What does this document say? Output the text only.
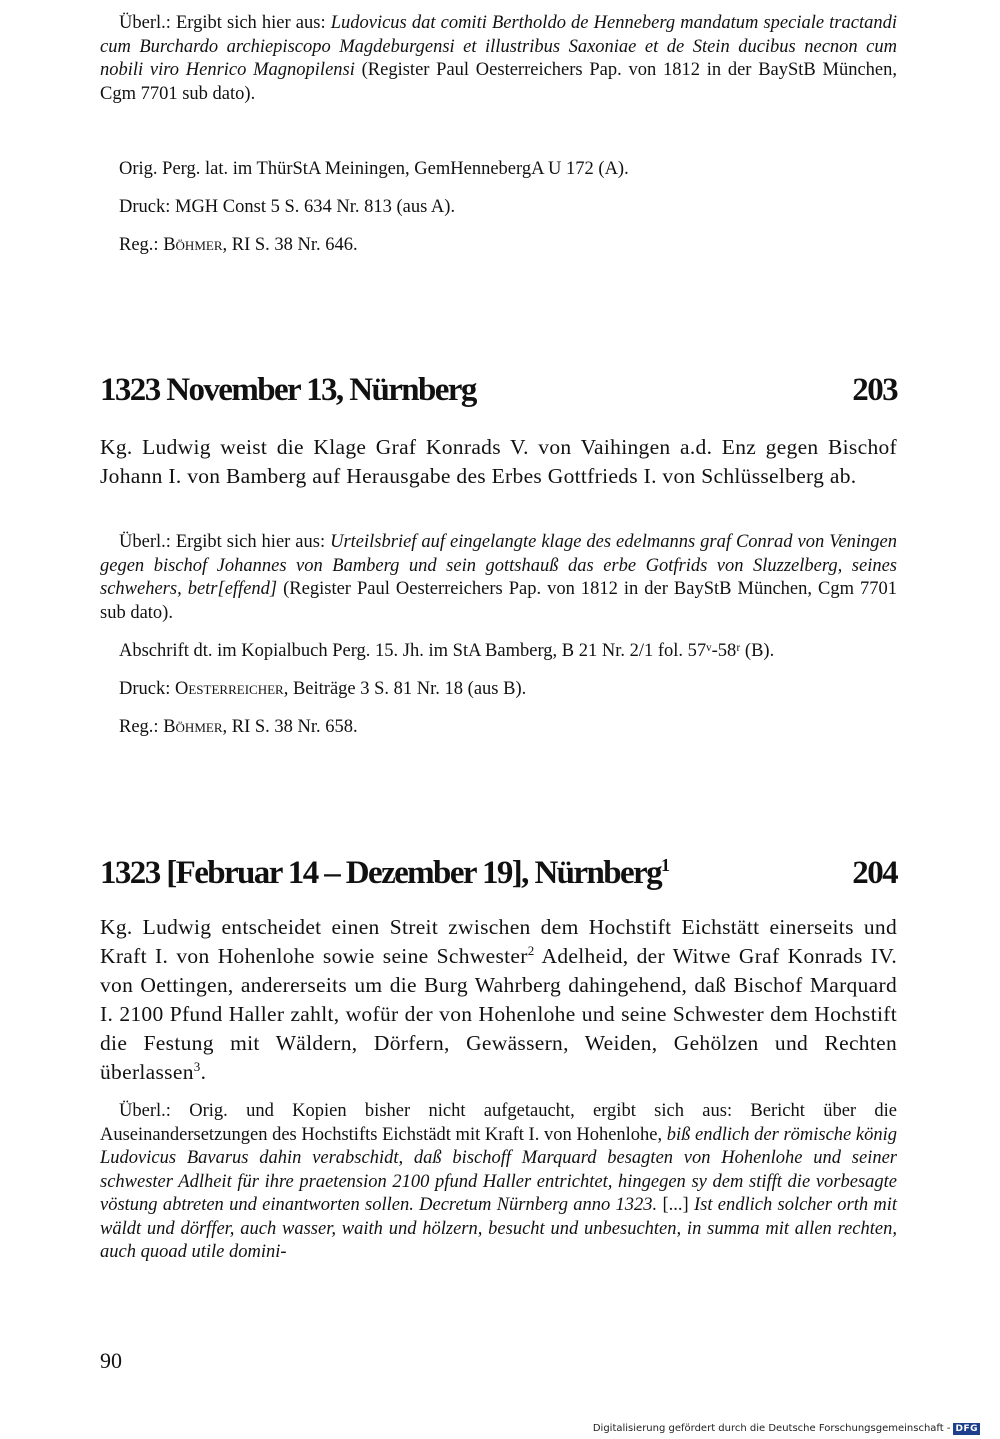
Überl.: Ergibt sich hier aus: Ludovicus dat comiti Bertholdo de Henneberg mandatum speciale tractandi cum Burchardo archiepiscopo Magdeburgensi et illustribus Saxoniae et de Stein ducibus necnon cum nobili viro Henrico Magnopilensi (Register Paul Oesterreichers Pap. von 1812 in der BayStB München, Cgm 7701 sub dato).
Orig. Perg. lat. im ThürStA Meiningen, GemHennebergA U 172 (A).
Druck: MGH Const 5 S. 634 Nr. 813 (aus A).
Reg.: Böhmer, RI S. 38 Nr. 646.
1323 November 13, Nürnberg	203
Kg. Ludwig weist die Klage Graf Konrads V. von Vaihingen a.d. Enz gegen Bischof Johann I. von Bamberg auf Herausgabe des Erbes Gottfrieds I. von Schlüsselberg ab.
Überl.: Ergibt sich hier aus: Urteilsbrief auf eingelangte klage des edelmanns graf Conrad von Veningen gegen bischof Johannes von Bamberg und sein gottshauß das erbe Gotfrids von Sluzzelberg, seines schwehers, betr[effend] (Register Paul Oesterreichers Pap. von 1812 in der BayStB München, Cgm 7701 sub dato).
Abschrift dt. im Kopialbuch Perg. 15. Jh. im StA Bamberg, B 21 Nr. 2/1 fol. 57ᵛ-58ʳ (B).
Druck: Oesterreicher, Beiträge 3 S. 81 Nr. 18 (aus B).
Reg.: Böhmer, RI S. 38 Nr. 658.
1323 [Februar 14 – Dezember 19], Nürnberg$^1$	204
Kg. Ludwig entscheidet einen Streit zwischen dem Hochstift Eichstätt einerseits und Kraft I. von Hohenlohe sowie seine Schwester$^2$ Adelheid, der Witwe Graf Konrads IV. von Oettingen, andererseits um die Burg Wahrberg dahingehend, daß Bischof Marquard I. 2100 Pfund Haller zahlt, wofür der von Hohenlohe und seine Schwester dem Hochstift die Festung mit Wäldern, Dörfern, Gewässern, Weiden, Gehölzen und Rechten überlassen$^3$.
Überl.: Orig. und Kopien bisher nicht aufgetaucht, ergibt sich aus: Bericht über die Auseinandersetzungen des Hochstifts Eichstädt mit Kraft I. von Hohenlohe, biß endlich der römische könig Ludovicus Bavarus dahin verabschidt, daß bischoff Marquard besagten von Hohenlohe und seiner schwester Adlheit für ihre praetension 2100 pfund Haller entrichtet, hingegen sy dem stifft die vorbesagte vöstung abtreten und einantworten sollen. Decretum Nürnberg anno 1323. [...] Ist endlich solcher orth mit wäldt und dörffer, auch wasser, waith und hölzern, besucht und unbesuchten, in summa mit allen rechten, auch quoad utile domini-
90
Digitalisierung gefördert durch die Deutsche Forschungsgemeinschaft - DFG
